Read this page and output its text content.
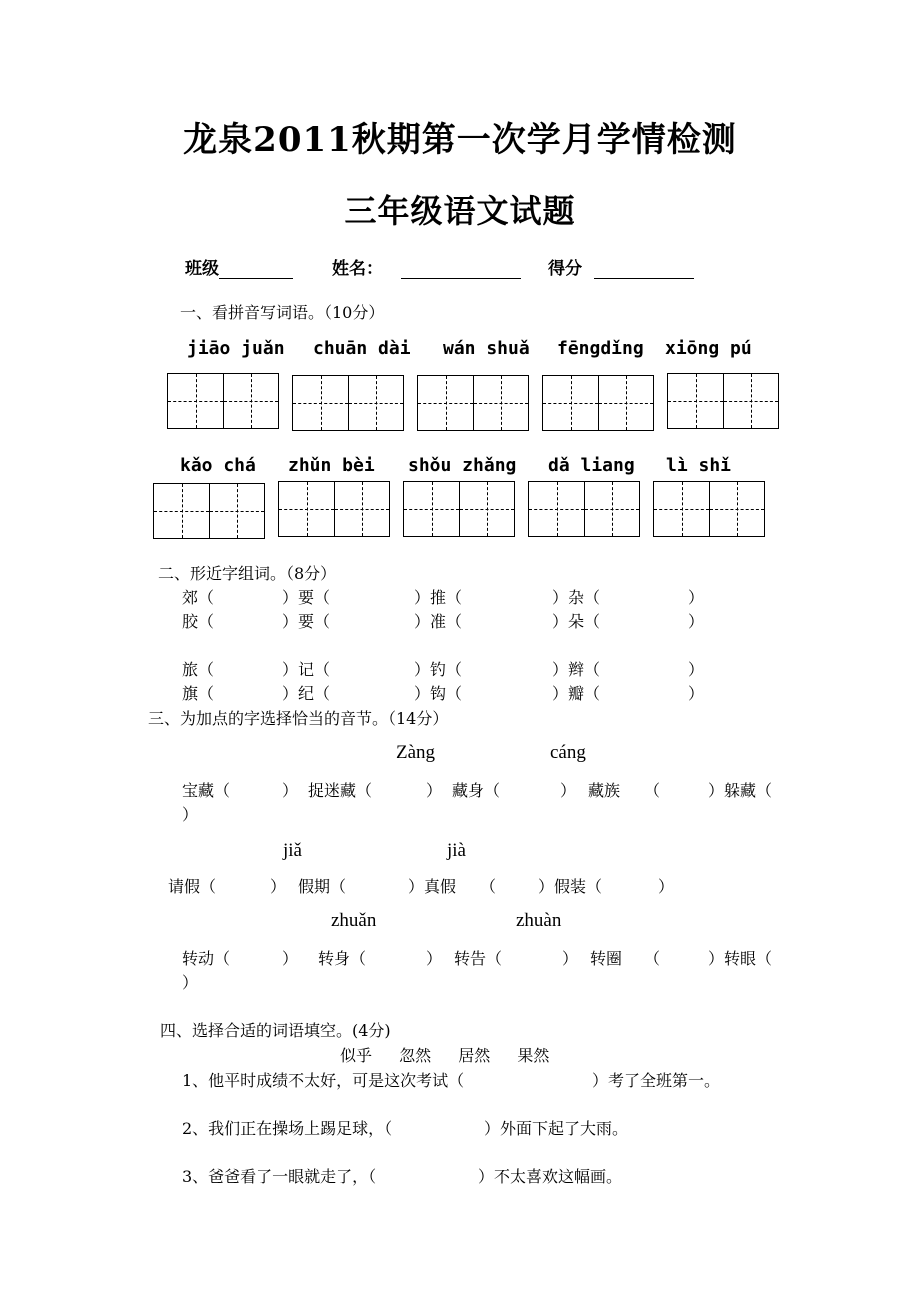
龙泉2011秋期第一次学月学情检测
三年级语文试题
班级	姓名：	得分
一、看拼音写词语。（10分）
jiāo juǎn chuān dài wán shuǎ fēngdǐng xiōng pú
kǎo chá zhǔn bèi shǒu zhǎng dǎ liang lì shǐ
二、形近字组词。（8分）
郊（	）要（	）推（	）杂（	）
胶（	）要（	）准（	）朵（	）
旅（	）记（	）钓（	）辫（	）
旗（	）纪（	）钩（	）瓣（	）
三、为加点的字选择恰当的音节。（14分）
Zàng	cáng
宝藏（	） 捉迷藏（	） 藏身（	） 藏族 （	）躲藏（
）
jiǎ	jià
请假（	） 假期（	）真假 （	）假装（	）
zhuǎn	zhuàn
转动（	） 转身（	） 转告（	） 转圈 （	）转眼（
）
四、选择合适的词语填空。(4分)
似乎 忽然 居然 果然
1、他平时成绩不太好，可是这次考试（	）考了全班第一。
2、我们正在操场上踢足球，（	）外面下起了大雨。
3、爸爸看了一眼就走了，（	）不太喜欢这幅画。
